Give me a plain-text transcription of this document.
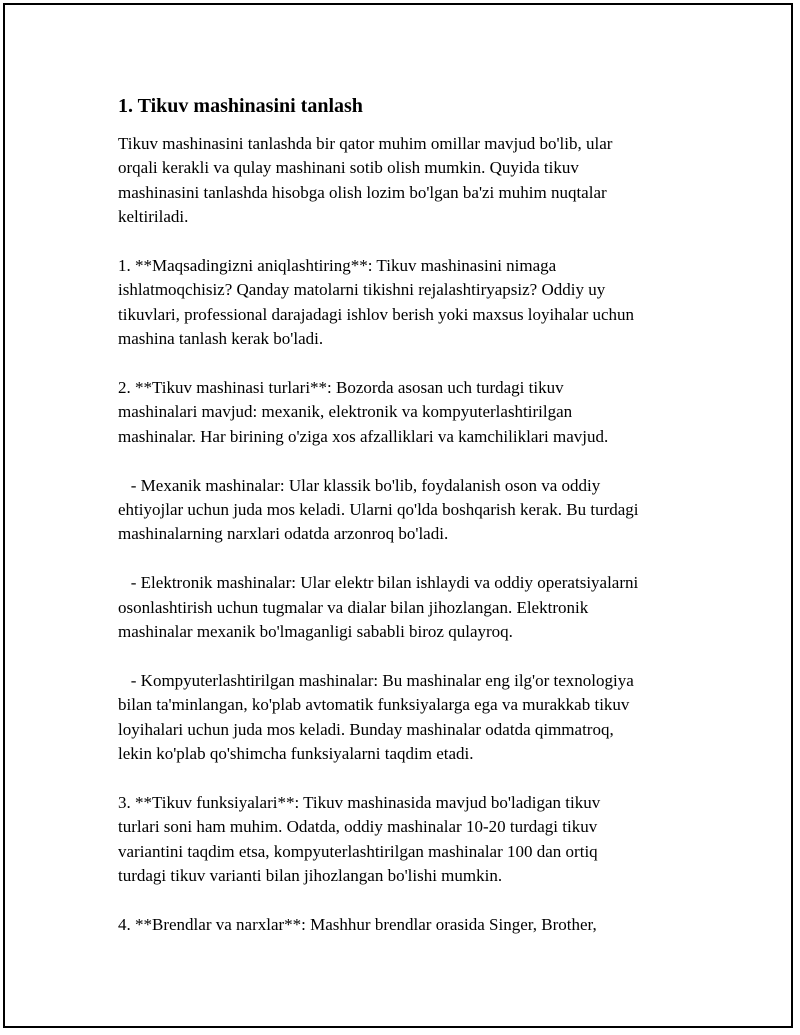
1. Tikuv mashinasini tanlash

Tikuv mashinasini tanlashda bir qator muhim omillar mavjud bo'lib, ular
orqali kerakli va qulay mashinani sotib olish mumkin. Quyida tikuv
mashinasini tanlashda hisobga olish lozim bo'lgan ba'zi muhim nuqtalar
keltiriladi.

1. **Maqsadingizni aniqlashtiring**: Tikuv mashinasini nimaga
ishlatmoqchisiz? Qanday matolarni tikishni rejalashtiryapsiz? Oddiy uy
tikuvlari, professional darajadagi ishlov berish yoki maxsus loyihalar uchun
mashina tanlash kerak bo'ladi.

2. **Tikuv mashinasi turlari**: Bozorda asosan uch turdagi tikuv
mashinalari mavjud: mexanik, elektronik va kompyuterlashtirilgan
mashinalar. Har birining o'ziga xos afzalliklari va kamchiliklari mavjud.

- Mexanik mashinalar: Ular klassik bo'lib, foydalanish oson va oddiy
ehtiyojlar uchun juda mos keladi. Ularni qo'lda boshqarish kerak. Bu turdagi
mashinalarning narxlari odatda arzonroq bo'ladi.

- Elektronik mashinalar: Ular elektr bilan ishlaydi va oddiy operatsiyalarni
osonlashtirish uchun tugmalar va dialar bilan jihozlangan. Elektronik
mashinalar mexanik bo'lmaganligi sababli biroz qulayroq.

- Kompyuterlashtirilgan mashinalar: Bu mashinalar eng ilg'or texnologiya
bilan ta'minlangan, ko'plab avtomatik funksiyalarga ega va murakkab tikuv
loyihalari uchun juda mos keladi. Bunday mashinalar odatda qimmatroq,
lekin ko'plab qo'shimcha funksiyalarni taqdim etadi.

3. **Tikuv funksiyalari**: Tikuv mashinasida mavjud bo'ladigan tikuv
turlari soni ham muhim. Odatda, oddiy mashinalar 10-20 turdagi tikuv
variantini taqdim etsa, kompyuterlashtirilgan mashinalar 100 dan ortiq
turdagi tikuv varianti bilan jihozlangan bo'lishi mumkin.

4. **Brendlar va narxlar**: Mashhur brendlar orasida Singer, Brother,
